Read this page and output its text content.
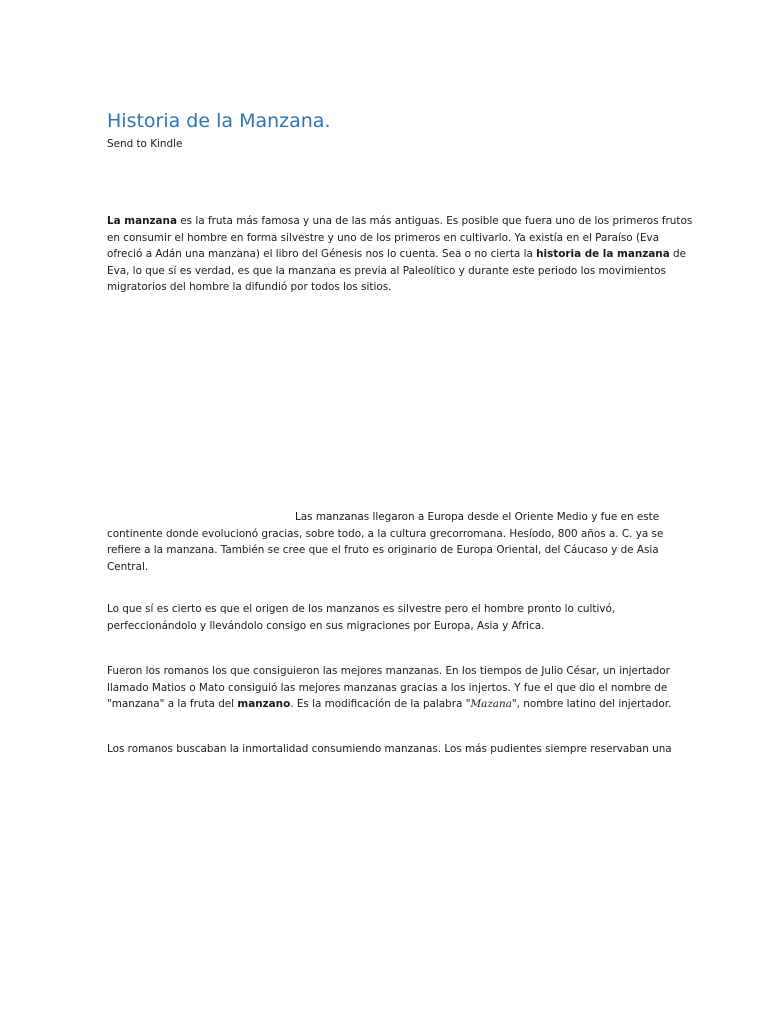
Historia de la Manzana.
Send to Kindle

La manzana es la fruta más famosa y una de las más antiguas. Es posible que fuera uno de los primeros frutos
en consumir el hombre en forma silvestre y uno de los primeros en cultivarlo. Ya existía en el Paraíso (Eva
ofreció a Adán una manzana) el libro del Génesis nos lo cuenta. Sea o no cierta la historia de la manzana de
Eva, lo que sí es verdad, es que la manzana es previa al Paleolítico y durante este periodo los movimientos
migratorios del hombre la difundió por todos los sitios.

Las manzanas llegaron a Europa desde el Oriente Medio y fue en este
continente donde evolucionó gracias, sobre todo, a la cultura grecorromana. Hesíodo, 800 años a. C. ya se
refiere a la manzana. También se cree que el fruto es originario de Europa Oriental, del Cáucaso y de Asia
Central.

Lo que sí es cierto es que el origen de los manzanos es silvestre pero el hombre pronto lo cultivó,
perfeccionándolo y llevándolo consigo en sus migraciones por Europa, Asia y Africa.

Fueron los romanos los que consiguieron las mejores manzanas. En los tiempos de Julio César, un injertador
llamado Matios o Mato consiguió las mejores manzanas gracias a los injertos. Y fue el que dio el nombre de
"manzana" a la fruta del manzano. Es la modificación de la palabra "Mazana", nombre latino del injertador.

Los romanos buscaban la inmortalidad consumiendo manzanas. Los más pudientes siempre reservaban una
